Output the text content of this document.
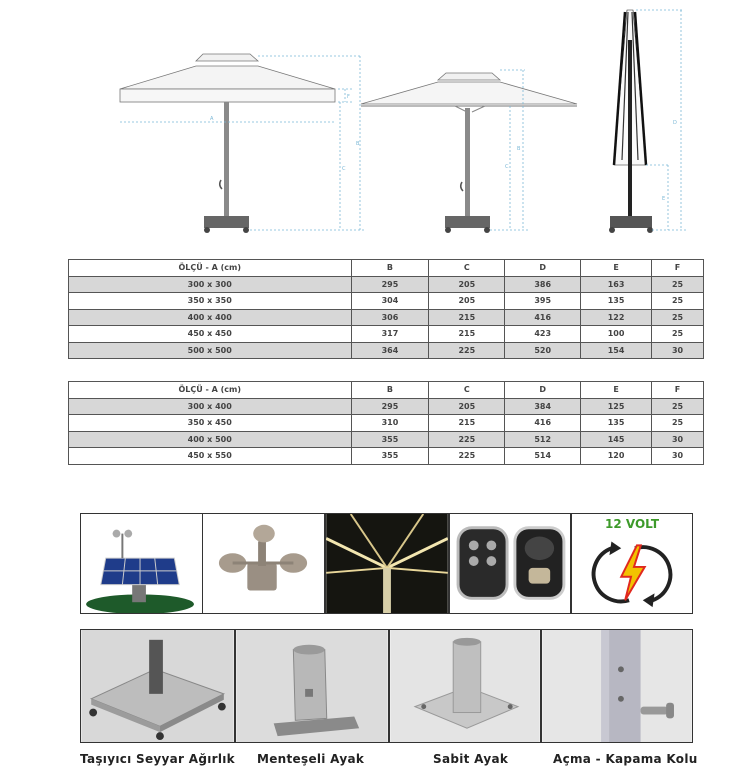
A
F
B
C
B
C
D
E
ÖLÇÜ - A (cm)	B	C	D	E	F
300 x 300	295	205	386	163	25
350 x 350	304	205	395	135	25
400 x 400	306	215	416	122	25
450 x 450	317	215	423	100	25
500 x 500	364	225	520	154	30
ÖLÇÜ - A (cm)	B	C	D	E	F
300 x 400	295	205	384	125	25
350 x 450	310	215	416	135	25
400 x 500	355	225	512	145	30
450 x 550	355	225	514	120	30
12 VOLT
Taşıyıcı Seyyar Ağırlık Menteşeli Ayak	Sabit Ayak	Açma - Kapama Kolu
